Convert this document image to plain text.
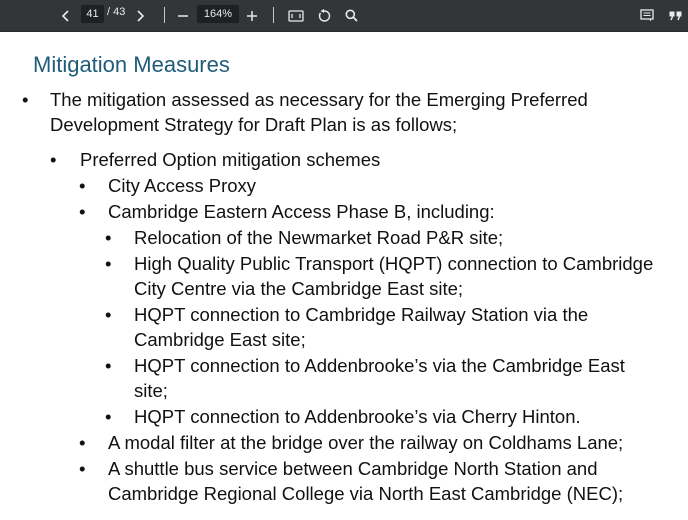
41 / 43	164%
Mitigation Measures
• The mitigation assessed as necessary for the Emerging Preferred
Development Strategy for Draft Plan is as follows;
• Preferred Option mitigation schemes
• City Access Proxy
• Cambridge Eastern Access Phase B, including:
• Relocation of the Newmarket Road P&R site;
• High Quality Public Transport (HQPT) connection to Cambridge
City Centre via the Cambridge East site;
• HQPT connection to Cambridge Railway Station via the
Cambridge East site;
• HQPT connection to Addenbrooke’s via the Cambridge East
site;
• HQPT connection to Addenbrooke’s via Cherry Hinton.
• A modal filter at the bridge over the railway on Coldhams Lane;
• A shuttle bus service between Cambridge North Station and
Cambridge Regional College via North East Cambridge (NEC);
